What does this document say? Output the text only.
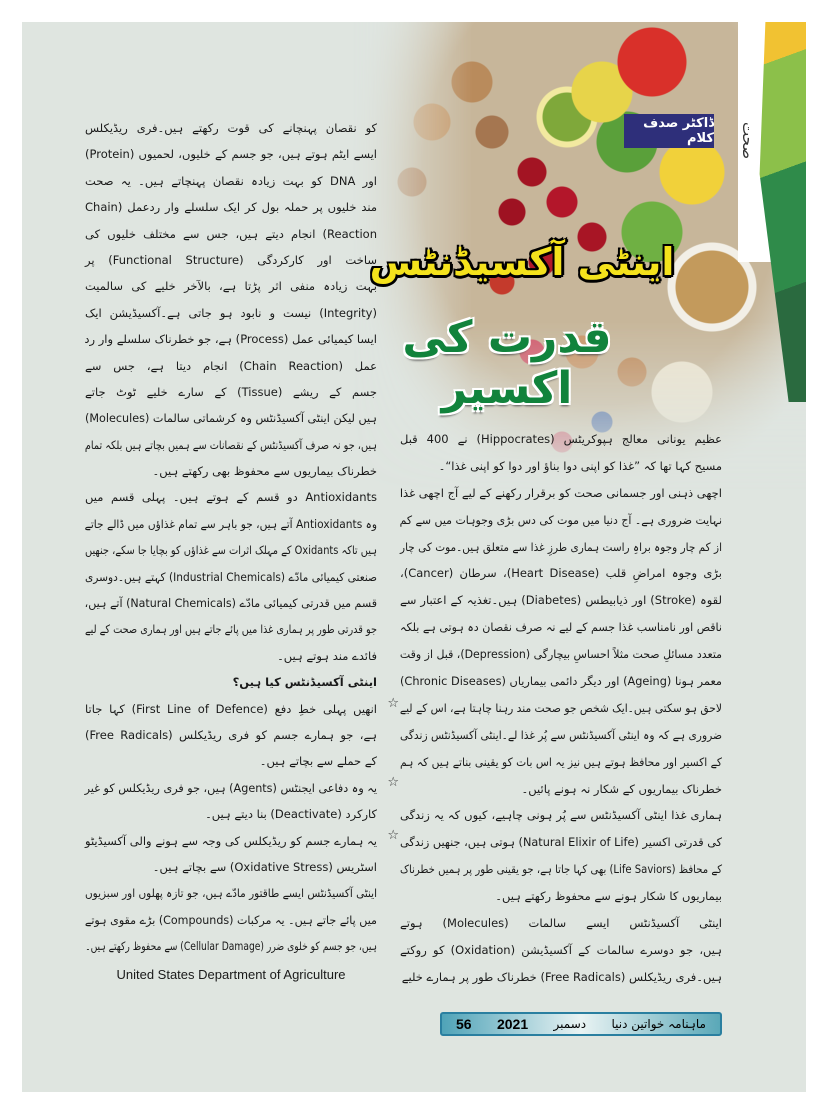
صحت
ڈاکٹر صدف کلام
اینٹی آکسیڈنٹس
قدرت کی اکسیر
کو نقصان پہنچانے کی قوت رکھتے ہیں۔فری ریڈیکلس
ایسے ایٹم ہوتے ہیں، جو جسم کے خلیوں، لحمیوں (Protein)
اور DNA کو بہت زیادہ نقصان پہنچاتے ہیں۔ یہ صحت
مند خلیوں پر حملہ بول کر ایک سلسلے وار ردعمل (Chain
Reaction) انجام دیتے ہیں، جس سے مختلف خلیوں کی
ساخت اور کارکردگی (Functional Structure) پر
بہت زیادہ منفی اثر پڑتا ہے، بالآخر خلیے کی سالمیت
(Integrity) نیست و نابود ہو جاتی ہے۔آکسیڈیشن ایک
ایسا کیمیائی عمل (Process) ہے، جو خطرناک سلسلے وار رد
عمل (Chain Reaction) انجام دیتا ہے، جس سے
جسم کے ریشے (Tissue) کے سارے خلیے ٹوٹ جاتے
ہیں لیکن اینٹی آکسیڈنٹس وہ کرشماتی سالمات (Molecules)
ہیں، جو نہ صرف آکسیڈنٹس کے نقصانات سے ہمیں بچاتے ہیں بلکہ تمام
خطرناک بیماریوں سے محفوظ بھی رکھتے ہیں۔
Antioxidants دو قسم کے ہوتے ہیں۔ پہلی قسم میں
وہ Antioxidants آتے ہیں، جو باہر سے تمام غذاؤں میں ڈالے جاتے
ہیں تاکہ Oxidants کے مہلک اثرات سے غذاؤں کو بچایا جا سکے، جنھیں
صنعتی کیمیائی مادّے (Industrial Chemicals) کہتے ہیں۔دوسری
قسم میں قدرتی کیمیائی مادّے (Natural Chemicals) آتے ہیں،
جو قدرتی طور پر ہماری غذا میں پائے جاتے ہیں اور ہماری صحت کے لیے
فائدے مند ہوتے ہیں۔
اینٹی آکسیڈنٹس کیا ہیں؟
☆
انھیں پہلی خطِ دفع (First Line of Defence) کہا جاتا
ہے، جو ہمارے جسم کو فری ریڈیکلس (Free Radicals)
کے حملے سے بچاتے ہیں۔
☆
یہ وہ دفاعی ایجنٹس (Agents) ہیں، جو فری ریڈیکلس کو غیر
کارکرد (Deactivate) بنا دیتے ہیں۔
☆
یہ ہمارے جسم کو ریڈیکلس کی وجہ سے ہونے والی آکسیڈیٹو
اسٹریس (Oxidative Stress) سے بچاتے ہیں۔
اینٹی آکسیڈنٹس ایسے طاقتور مادّے ہیں، جو تازہ پھلوں اور سبزیوں
میں پائے جاتے ہیں۔ یہ مرکبات (Compounds) بڑے مقوی ہوتے
ہیں، جو جسم کو خلوی ضرر (Cellular Damage) سے محفوظ رکھتے ہیں۔
United States Department of Agriculture
عظیم یونانی معالج ہپوکریٹس (Hippocrates) نے 400 قبل
مسیح کہا تھا کہ ”غذا کو اپنی دوا بناؤ اور دوا کو اپنی غذا“۔
اچھی ذہنی اور جسمانی صحت کو برقرار رکھنے کے لیے آج اچھی غذا
نہایت ضروری ہے۔ آج دنیا میں موت کی دس بڑی وجوہات میں سے کم
از کم چار وجوہ براہِ راست ہماری طرزِ غذا سے متعلق ہیں۔موت کی چار
بڑی وجوہ امراضِ قلب (Heart Disease)، سرطان (Cancer)،
لقوہ (Stroke) اور ذیابیطس (Diabetes) ہیں۔تغذیہ کے اعتبار سے
ناقص اور نامناسب غذا جسم کے لیے نہ صرف نقصان دہ ہوتی ہے بلکہ
متعدد مسائلِ صحت مثلاً احساسِ بیچارگی (Depression)، قبل از وقت
معمر ہونا (Ageing) اور دیگر دائمی بیماریاں (Chronic Diseases)
لاحق ہو سکتی ہیں۔ایک شخص جو صحت مند رہنا چاہتا ہے، اس کے لیے
ضروری ہے کہ وہ اینٹی آکسیڈنٹس سے پُر غذا لے۔اینٹی آکسیڈنٹس زندگی
کے اکسیر اور محافظ ہوتے ہیں نیز یہ اس بات کو یقینی بناتے ہیں کہ ہم
خطرناک بیماریوں کے شکار نہ ہونے پائیں۔
ہماری غذا اینٹی آکسیڈنٹس سے پُر ہونی چاہیے، کیوں کہ یہ زندگی
کی قدرتی اکسیر (Natural Elixir of Life) ہوتی ہیں، جنھیں زندگی
کے محافظ (Life Saviors) بھی کہا جاتا ہے، جو یقینی طور پر ہمیں خطرناک
بیماریوں کا شکار ہونے سے محفوظ رکھتے ہیں۔
اینٹی آکسیڈنٹس ایسے سالمات (Molecules) ہوتے
ہیں، جو دوسرے سالمات کے آکسیڈیشن (Oxidation) کو روکتے
ہیں۔فری ریڈیکلس (Free Radicals) خطرناک طور پر ہمارے خلیے
56 2021 دسمبر ماہنامہ خواتین دنیا
